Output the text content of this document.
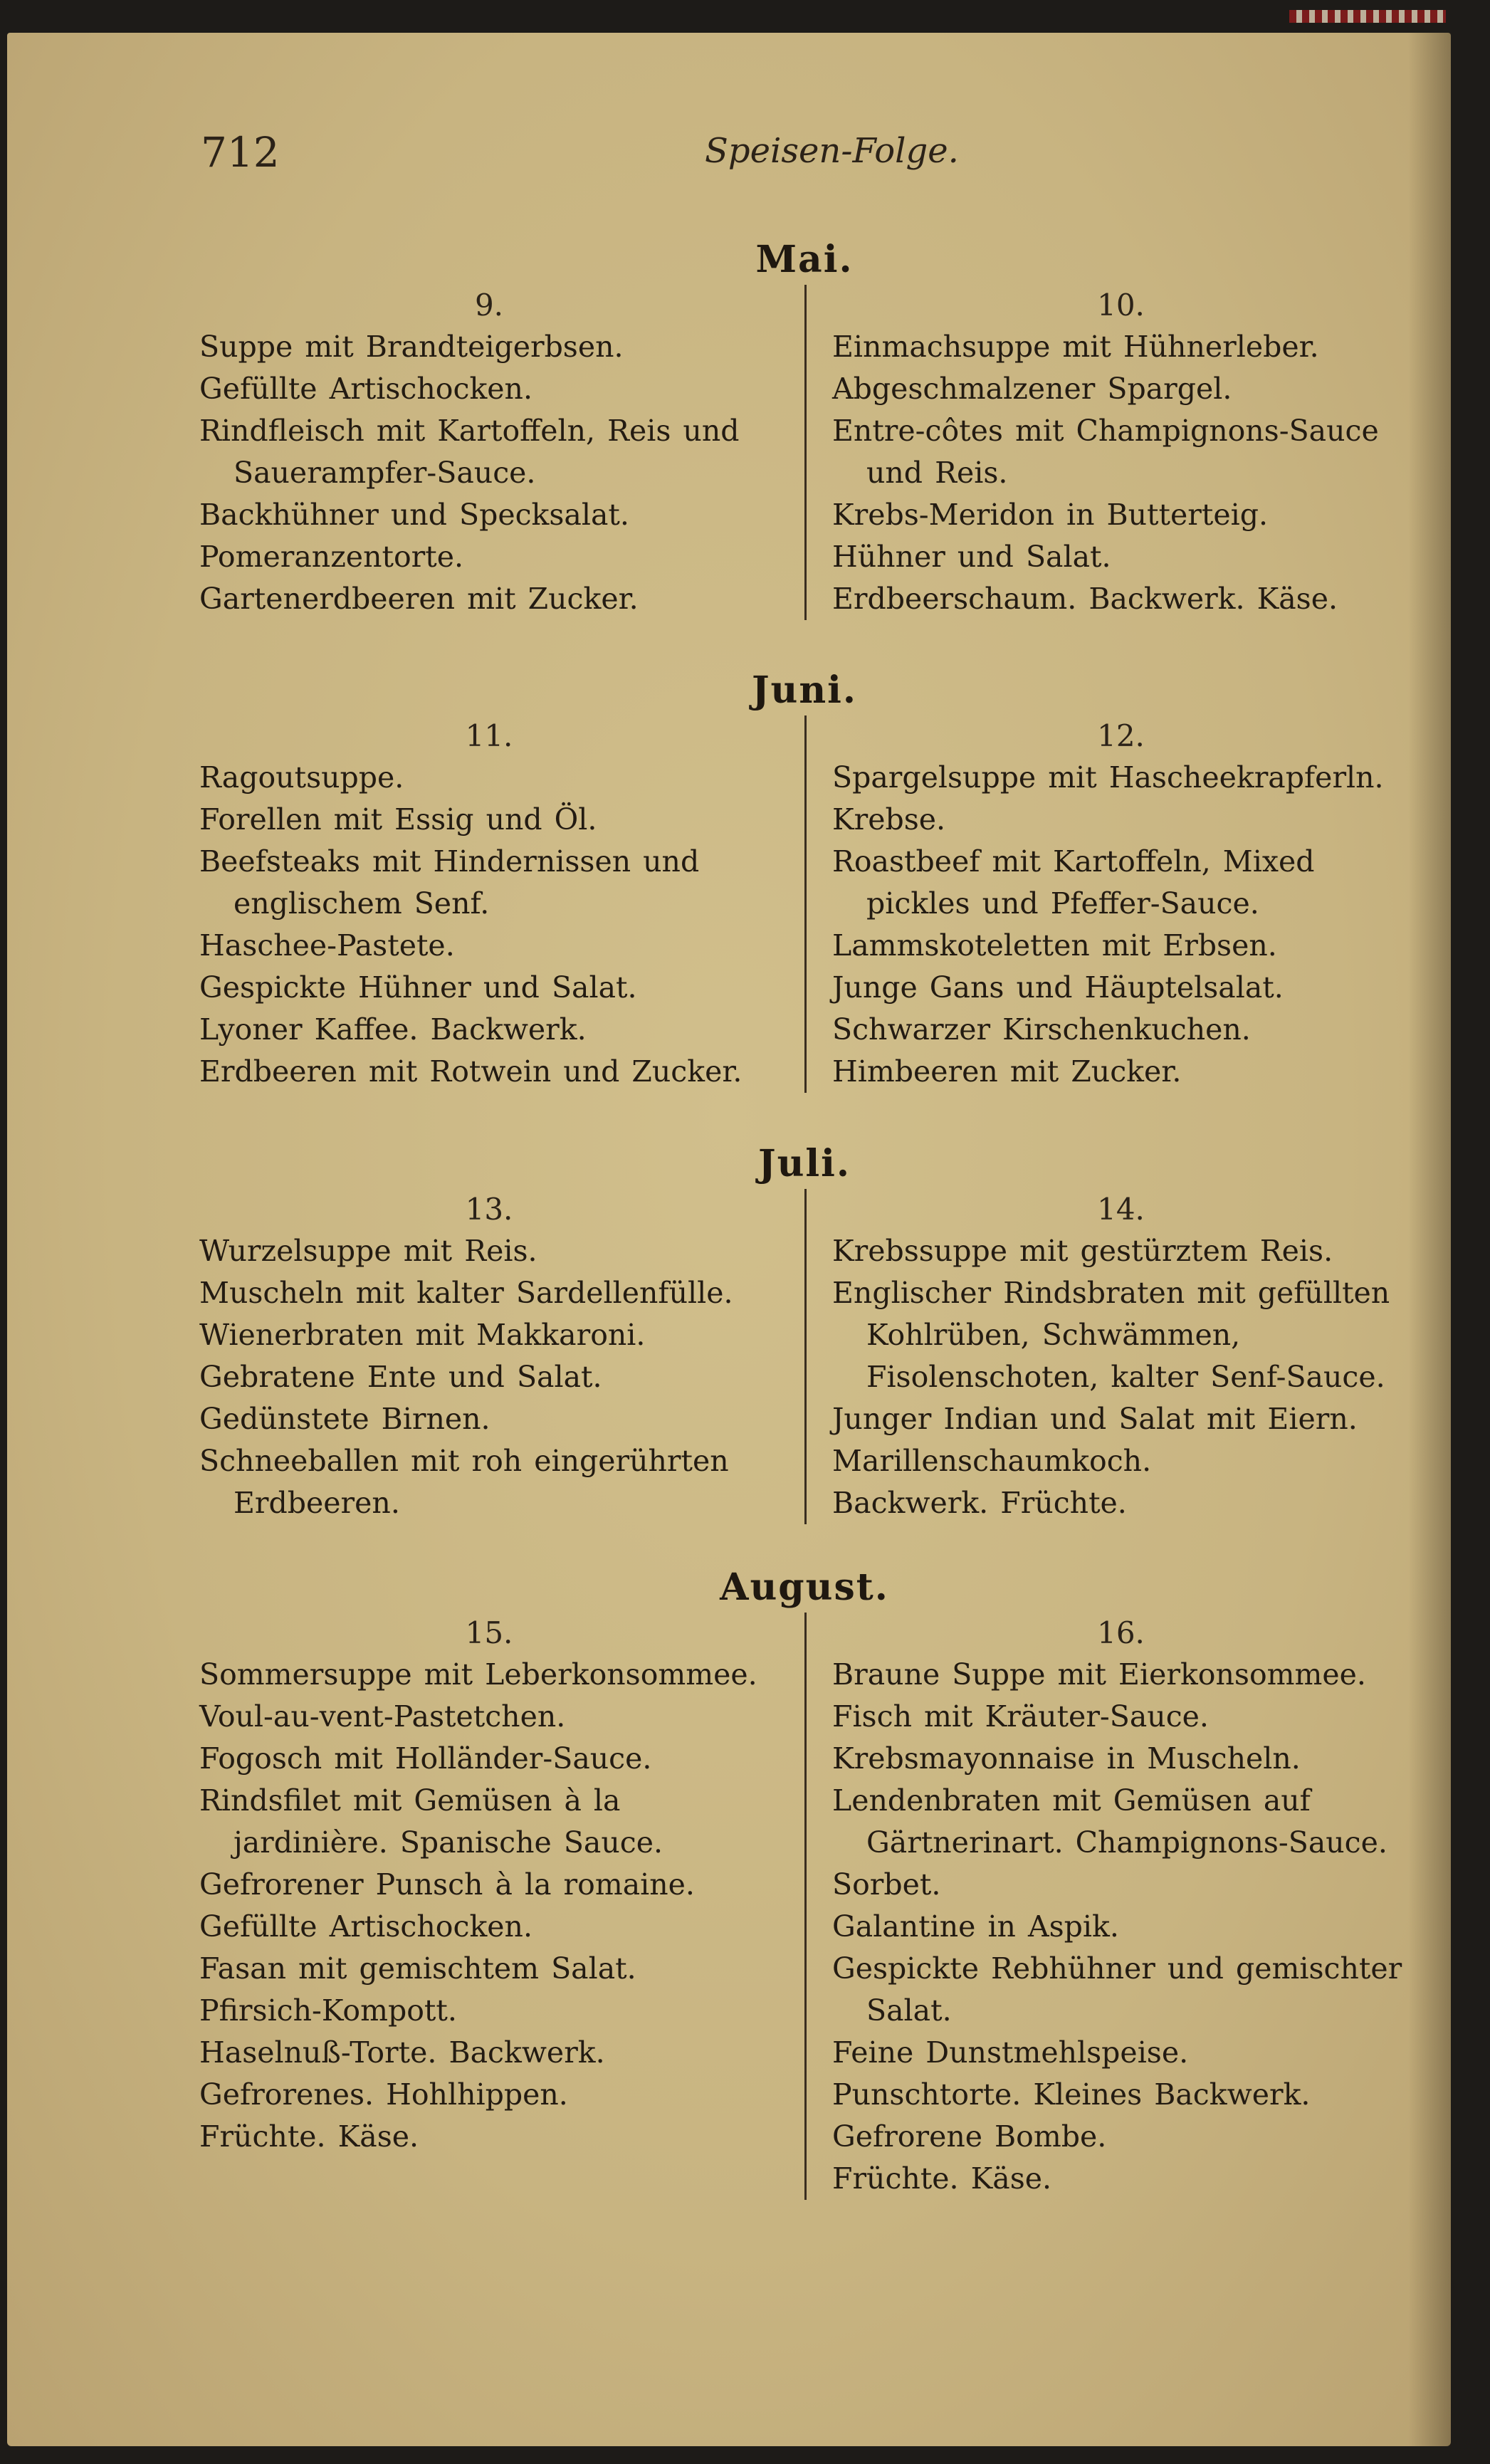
712	Speisen-Folge.
Mai.
9.
Suppe mit Brandteigerbsen.
Gefüllte Artischocken.
Rindfleisch mit Kartoffeln, Reis und Sauerampfer-Sauce.
Backhühner und Specksalat.
Pomeranzentorte.
Gartenerdbeeren mit Zucker.
10.
Einmachsuppe mit Hühnerleber.
Abgeschmalzener Spargel.
Entre-côtes mit Champignons-Sauce und Reis.
Krebs-Meridon in Butterteig.
Hühner und Salat.
Erdbeerschaum. Backwerk. Käse.
Juni.
11.
Ragoutsuppe.
Forellen mit Essig und Öl.
Beefsteaks mit Hindernissen und englischem Senf.
Haschee-Pastete.
Gespickte Hühner und Salat.
Lyoner Kaffee. Backwerk.
Erdbeeren mit Rotwein und Zucker.
12.
Spargelsuppe mit Hascheekrapferln.
Krebse.
Roastbeef mit Kartoffeln, Mixed pickles und Pfeffer-Sauce.
Lammskoteletten mit Erbsen.
Junge Gans und Häuptelsalat.
Schwarzer Kirschenkuchen.
Himbeeren mit Zucker.
Juli.
13.
Wurzelsuppe mit Reis.
Muscheln mit kalter Sardellenfülle.
Wienerbraten mit Makkaroni.
Gebratene Ente und Salat.
Gedünstete Birnen.
Schneeballen mit roh eingerührten Erdbeeren.
14.
Krebssuppe mit gestürztem Reis.
Englischer Rindsbraten mit gefüllten Kohlrüben, Schwämmen, Fisolenschoten, kalter Senf-Sauce.
Junger Indian und Salat mit Eiern.
Marillenschaumkoch.
Backwerk. Früchte.
August.
15.
Sommersuppe mit Leberkonsommee.
Voul-au-vent-Pastetchen.
Fogosch mit Holländer-Sauce.
Rindsfilet mit Gemüsen à la jardinière. Spanische Sauce.
Gefrorener Punsch à la romaine.
Gefüllte Artischocken.
Fasan mit gemischtem Salat.
Pfirsich-Kompott.
Haselnuß-Torte. Backwerk.
Gefrorenes. Hohlhippen.
Früchte. Käse.
16.
Braune Suppe mit Eierkonsommee.
Fisch mit Kräuter-Sauce.
Krebsmayonnaise in Muscheln.
Lendenbraten mit Gemüsen auf Gärtnerinart. Champignons-Sauce.
Sorbet.
Galantine in Aspik.
Gespickte Rebhühner und gemischter Salat.
Feine Dunstmehlspeise.
Punschtorte. Kleines Backwerk.
Gefrorene Bombe.
Früchte. Käse.
